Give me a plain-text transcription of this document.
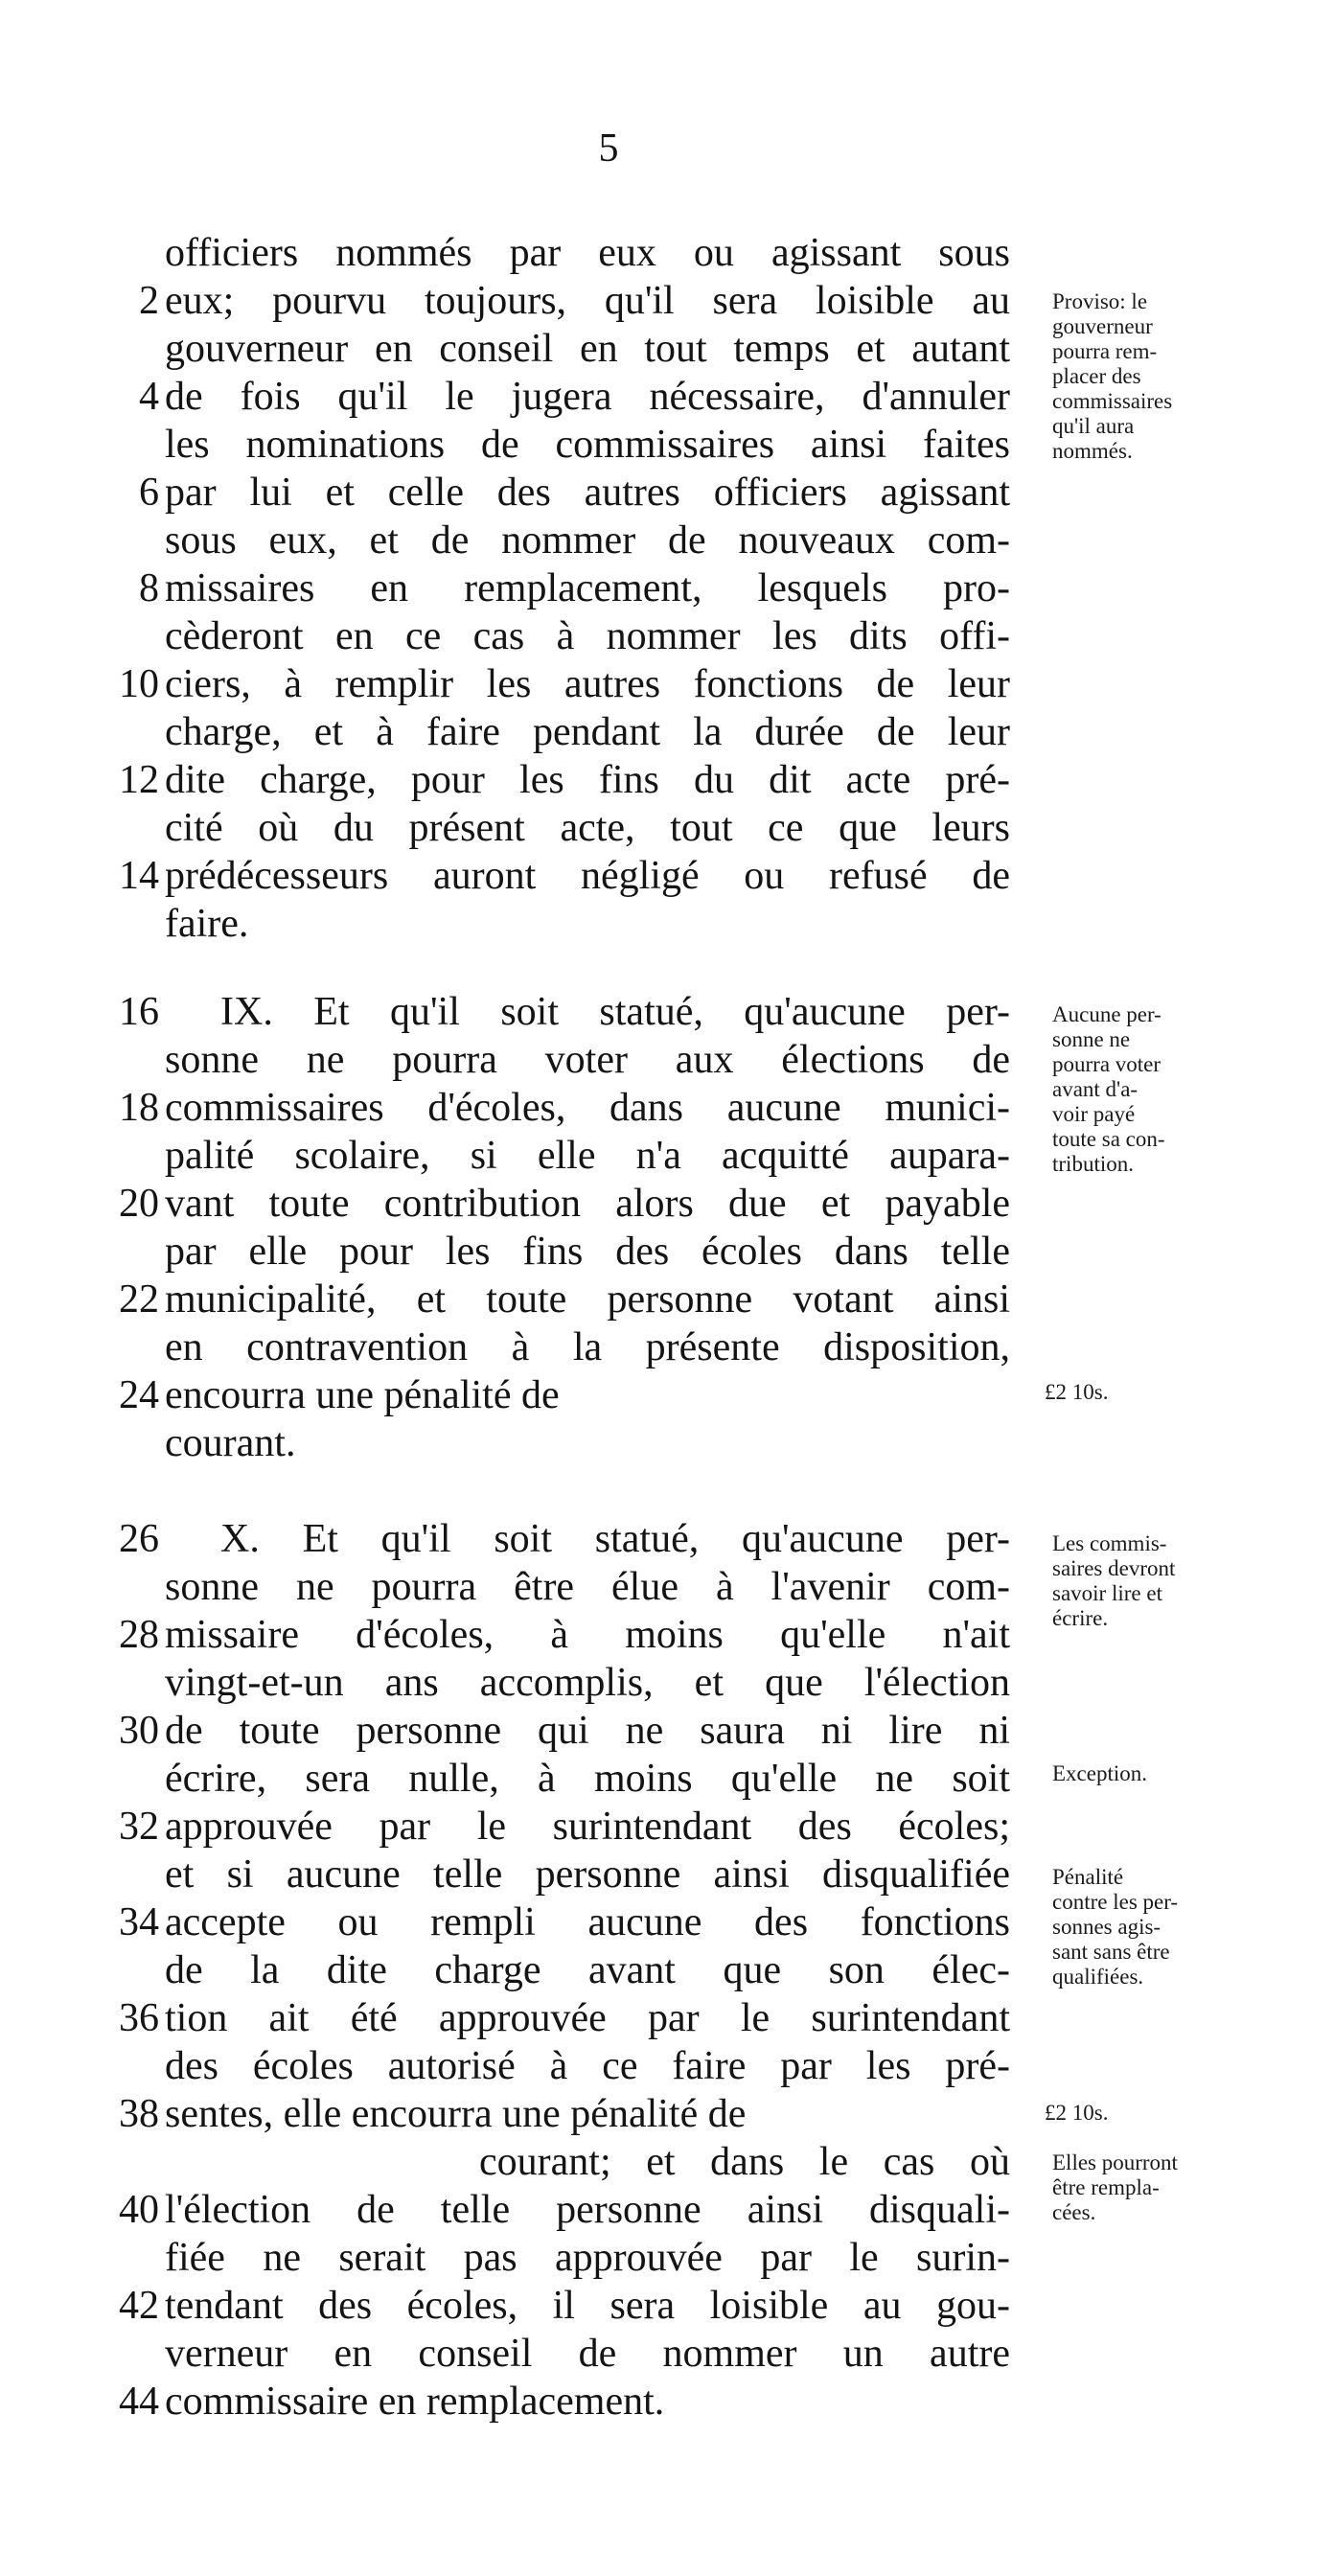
5
officiers nommés par eux ou agissant sous
2 eux; pourvu toujours, qu'il sera loisible au
gouverneur en conseil en tout temps et autant
4 de fois qu'il le jugera nécessaire, d'annuler
les nominations de commissaires ainsi faites
6 par lui et celle des autres officiers agissant
sous eux, et de nommer de nouveaux com-
8 missaires en remplacement, lesquels pro-
cèderont en ce cas à nommer les dits offi-
10 ciers, à remplir les autres fonctions de leur
charge, et à faire pendant la durée de leur
12 dite charge, pour les fins du dit acte pré-
cité où du présent acte, tout ce que leurs
14 prédécesseurs auront négligé ou refusé de
faire.
16 IX. Et qu'il soit statué, qu'aucune per-
sonne ne pourra voter aux élections de
18 commissaires d'écoles, dans aucune munici-
palité scolaire, si elle n'a acquitté aupara-
20 vant toute contribution alors due et payable
par elle pour les fins des écoles dans telle
22 municipalité, et toute personne votant ainsi
en contravention à la présente disposition,
24 encourra une pénalité de
courant.
26 X. Et qu'il soit statué, qu'aucune per-
sonne ne pourra être élue à l'avenir com-
28 missaire d'écoles, à moins qu'elle n'ait
vingt-et-un ans accomplis, et que l'élection
30 de toute personne qui ne saura ni lire ni
écrire, sera nulle, à moins qu'elle ne soit
32 approuvée par le surintendant des écoles;
et si aucune telle personne ainsi disqualifiée
34 accepte ou rempli aucune des fonctions
de la dite charge avant que son élec-
36 tion ait été approuvée par le surintendant
des écoles autorisé à ce faire par les pré-
38 sentes, elle encourra une pénalité de
courant; et dans le cas où
40 l'élection de telle personne ainsi disquali-
fiée ne serait pas approuvée par le surin-
42 tendant des écoles, il sera loisible au gou-
verneur en conseil de nommer un autre
44 commissaire en remplacement.
Proviso: le
gouverneur
pourra rem-
placer des
commissaires
qu'il aura
nommés.
Aucune per-
sonne ne
pourra voter
avant d'a-
voir payé
toute sa con-
tribution.
£2 10s.
Les commis-
saires devront
savoir lire et
écrire.
Exception.
Pénalité
contre les per-
sonnes agis-
sant sans être
qualifiées.
£2 10s.
Elles pourront
être rempla-
cées.
